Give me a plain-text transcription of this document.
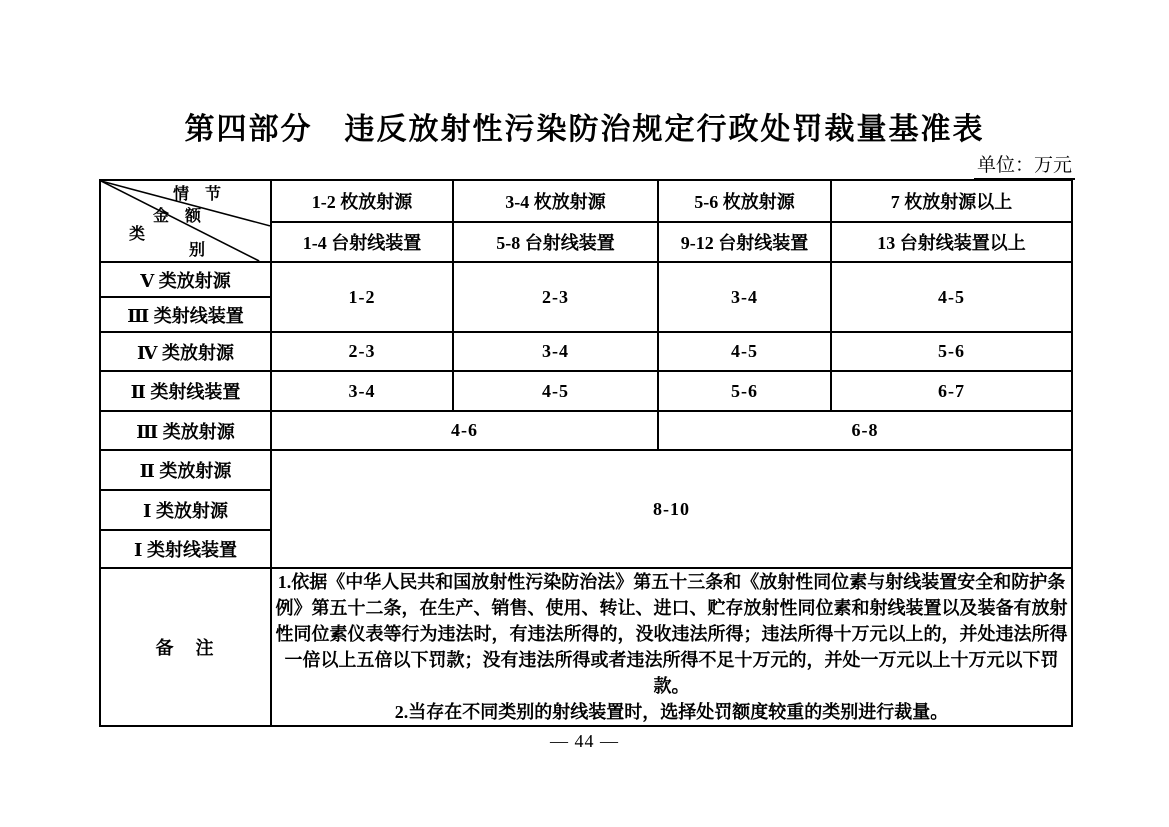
第四部分　违反放射性污染防治规定行政处罚裁量基准表
单位：万元
情　节
金　额
类
别	1-2 枚放射源	3-4 枚放射源	5-6 枚放射源	7 枚放射源以上
	1-4 台射线装置	5-8 台射线装置	9-12 台射线装置	13 台射线装置以上
Ⅴ 类放射源	1-2	2-3	3-4	4-5
Ⅲ 类射线装置				
Ⅳ 类放射源	2-3	3-4	4-5	5-6
Ⅱ 类射线装置	3-4	4-5	5-6	6-7
Ⅲ 类放射源	4-6		6-8	
Ⅱ 类放射源	8-10			
Ⅰ 类放射源				
Ⅰ 类射线装置				
备　注	1.依据《中华人民共和国放射性污染防治法》第五十三条和《放射性同位素与射线装置安全和防护条例》第五十二条，在生产、销售、使用、转让、进口、贮存放射性同位素和射线装置以及装备有放射性同位素仪表等行为违法时，有违法所得的，没收违法所得；违法所得十万元以上的，并处违法所得一倍以上五倍以下罚款；没有违法所得或者违法所得不足十万元的，并处一万元以上十万元以下罚款。
2.当存在不同类别的射线装置时，选择处罚额度较重的类别进行裁量。			
— 44 —
